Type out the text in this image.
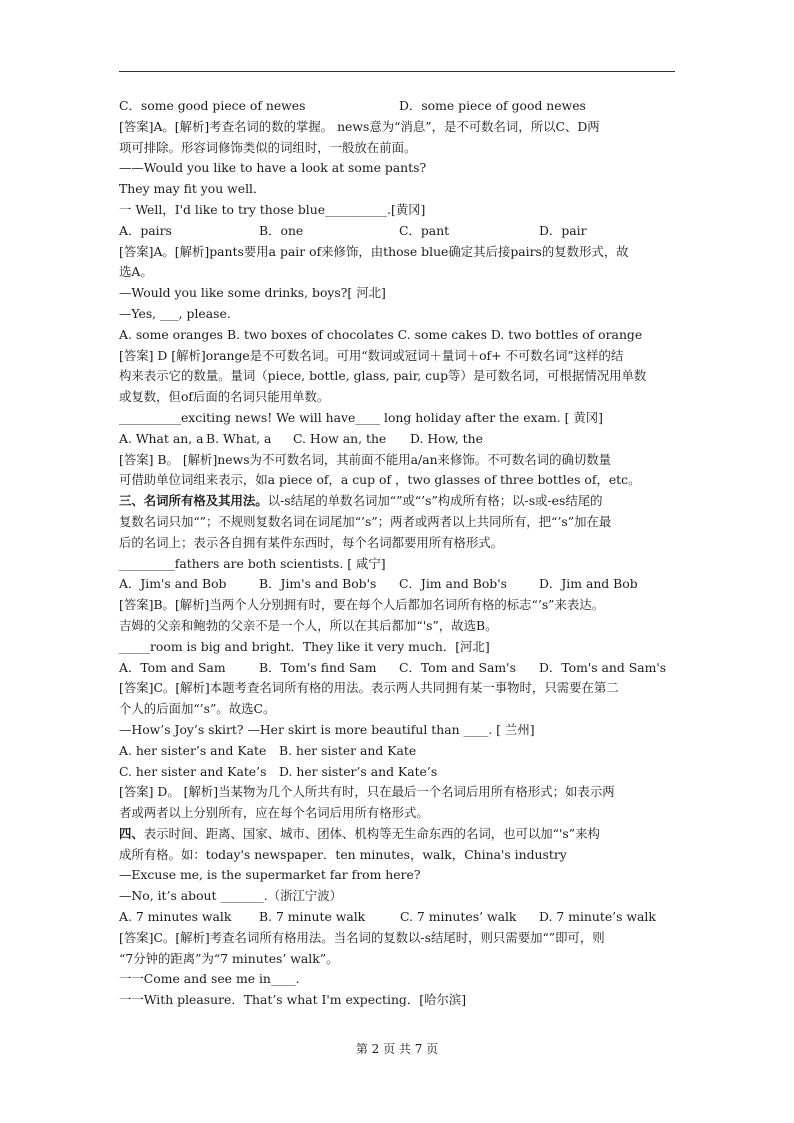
C．some good piece of newes	D．some piece of good newes
[答案]A。[解析]考查名词的数的掌握。 news意为“消息”，是不可数名词，所以C、D两
项可排除。形容词修饰类似的词组时，一般放在前面。
——Would you like to have a look at some pants?
They may fit you well．
一 Well，I'd like to try those blue__________.[黄冈]
A．pairs	B．one	C．pant	D．pair
[答案]A。[解析]pants要用a pair of来修饰，由those blue确定其后接pairs的复数形式，故
选A。
—Would you like some drinks, boys?[ 河北]
—Yes, ___, please.
A. some oranges B. two boxes of chocolates C. some cakes D. two bottles of orange
[答案] D [解析]orange是不可数名词。可用“数词或冠词＋量词＋of+ 不可数名词”这样的结
构来表示它的数量。量词（piece, bottle, glass, pair, cup等）是可数名词，可根据情况用单数
或复数，但of后面的名词只能用单数。
__________exciting news! We will have____ long holiday after the exam. [ 黄冈]
A. What an, a B. What, a	C. How an, the	D. How, the
[答案] B。 [解析]news为不可数名词，其前面不能用a/an来修饰。不可数名词的确切数量
可借助单位词组来表示，如a piece of，a cup of ，two glasses of three bottles of，etc。
三、名词所有格及其用法。以-s结尾的单数名词加“”或“’s”构成所有格；以-s或-es结尾的
复数名词只加“”；不规则复数名词在词尾加“’s”；两者或两者以上共同所有，把“’s”加在最
后的名词上；表示各自拥有某件东西时，每个名词都要用所有格形式。
_________fathers are both scientists. [ 咸宁]
A．Jim's and Bob	B．Jim's and Bob's	C．Jim and Bob's	D．Jim and Bob
[答案]B。[解析]当两个人分别拥有时，要在每个人后都加名词所有格的标志“’s”来表达。
吉姆的父亲和鲍勃的父亲不是一个人，所以在其后都加“'s”，故选B。
_____room is big and bright．They like it very much．[河北]
A．Tom and Sam	B．Tom's find Sam	C．Tom and Sam's	D．Tom's and Sam's
[答案]C。[解析]本题考查名词所有格的用法。表示两人共同拥有某一事物时，只需要在第二
个人的后面加“’s”。故选C。
—How’s Joy’s skirt? —Her skirt is more beautiful than ____. [ 兰州]
A. her sister’s and Kate	B. her sister and Kate
C. her sister and Kate’s	D. her sister’s and Kate’s
[答案] D。 [解析]当某物为几个人所共有时，只在最后一个名词后用所有格形式；如表示两
者或两者以上分别所有，应在每个名词后用所有格形式。
四、表示时间、距离、国家、城市、团体、机构等无生命东西的名词，也可以加“'s”来构
成所有格。如：today's newspaper．ten minutes，walk，China's industry
—Excuse me, is the supermarket far from here?
—No, it’s about _______.（浙江宁波）
A. 7 minutes walk	B. 7 minute walk	C. 7 minutes’ walk	D. 7 minute’s walk
[答案]C。[解析]考查名词所有格用法。当名词的复数以-s结尾时，则只需要加“”即可，则
“7分钟的距离”为“7 minutes’ walk”。
一一Come and see me in____.
一一With pleasure．That’s what I'm expecting．[哈尔滨]
第 2 页 共 7 页
